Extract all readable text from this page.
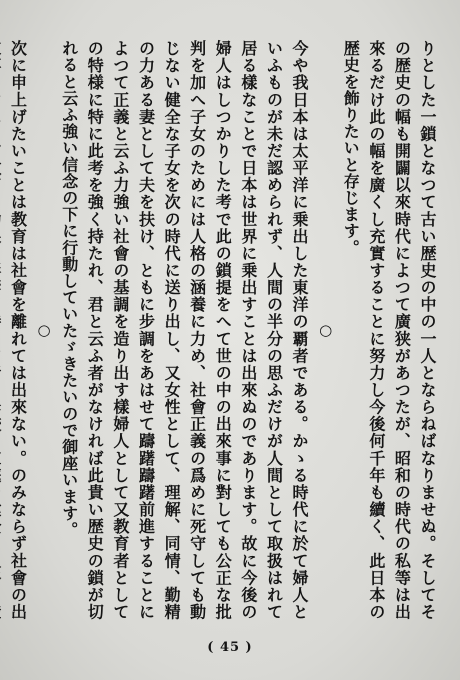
りとした一鎖となつて古い歴史の中の一人とならねばなりませぬ。そしてその歴史の幅も開闢以來時代によつて廣狭があつたが、昭和の時代の私等は出來るだけ此の幅を廣くし充實することに努力し今後何千年も續く、此日本の歴史を飾りたいと存じます。

○

今や我日本は太平洋に乗出した東洋の覇者である。かゝる時代に於て婦人といふものが未だ認められず、人間の半分の思ふだけが人間として取扱はれて居る樣なことで日本は世界に乗出すことは出來ぬのであります。故に今後の婦人はしつかりした考で此の鎖提をへて世の中の出來事に對しても公正な批判を加へ子女のためには人格の涵養に力め、社會正義の爲めに死守しても動じない健全な子女を次の時代に送り出し、又女性として、理解、同情、勤精の力ある妻として夫を扶け、ともに步調をあはせて躊躇躊躇前進することによつて正義と云ふ力強い社會の基調を造り出す樣婦人として又教育者としての特様に特に此考を強く持たれ、君と云ふ者がなければ此貴い歴史の鎖が切れると云ふ強い信念の下に行動していたゞきたいので御座います。

○

次に申上げたいことは教育は社會を離れては出來ない。のみならず社會の出

( 45 )
